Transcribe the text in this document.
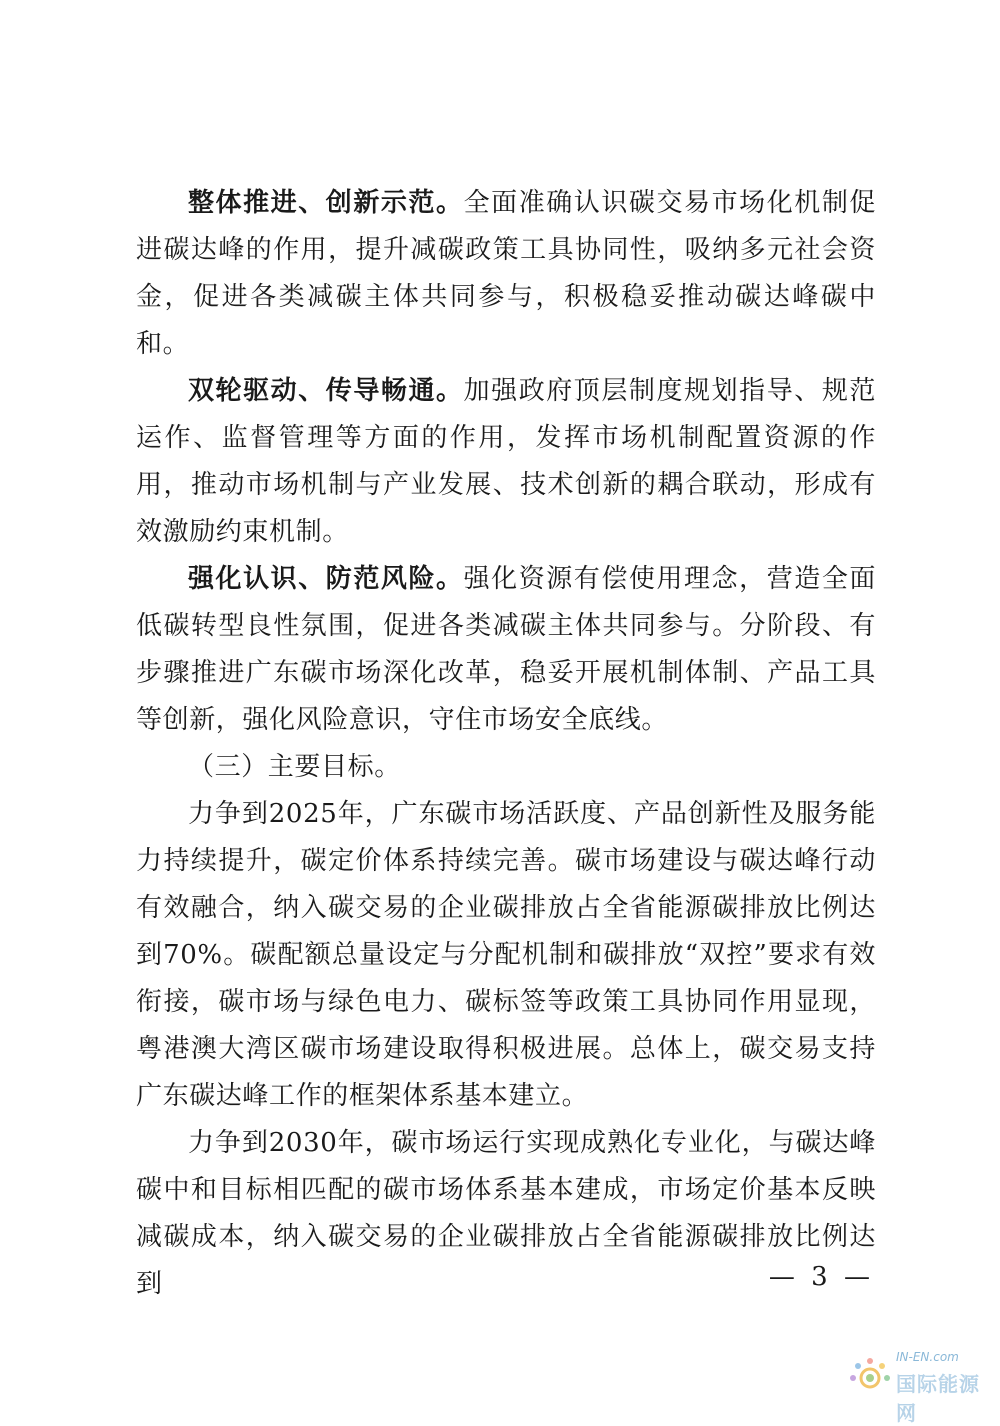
整体推进、创新示范。全面准确认识碳交易市场化机制促进碳达峰的作用，提升减碳政策工具协同性，吸纳多元社会资金，促进各类减碳主体共同参与，积极稳妥推动碳达峰碳中和。

双轮驱动、传导畅通。加强政府顶层制度规划指导、规范运作、监督管理等方面的作用，发挥市场机制配置资源的作用，推动市场机制与产业发展、技术创新的耦合联动，形成有效激励约束机制。

强化认识、防范风险。强化资源有偿使用理念，营造全面低碳转型良性氛围，促进各类减碳主体共同参与。分阶段、有步骤推进广东碳市场深化改革，稳妥开展机制体制、产品工具等创新，强化风险意识，守住市场安全底线。

（三）主要目标。

力争到2025年，广东碳市场活跃度、产品创新性及服务能力持续提升，碳定价体系持续完善。碳市场建设与碳达峰行动有效融合，纳入碳交易的企业碳排放占全省能源碳排放比例达到70%。碳配额总量设定与分配机制和碳排放“双控”要求有效衔接，碳市场与绿色电力、碳标签等政策工具协同作用显现，粤港澳大湾区碳市场建设取得积极进展。总体上，碳交易支持广东碳达峰工作的框架体系基本建立。

力争到2030年，碳市场运行实现成熟化专业化，与碳达峰碳中和目标相匹配的碳市场体系基本建成，市场定价基本反映减碳成本，纳入碳交易的企业碳排放占全省能源碳排放比例达到	— 3 —
IN-EN.com
国际能源网
